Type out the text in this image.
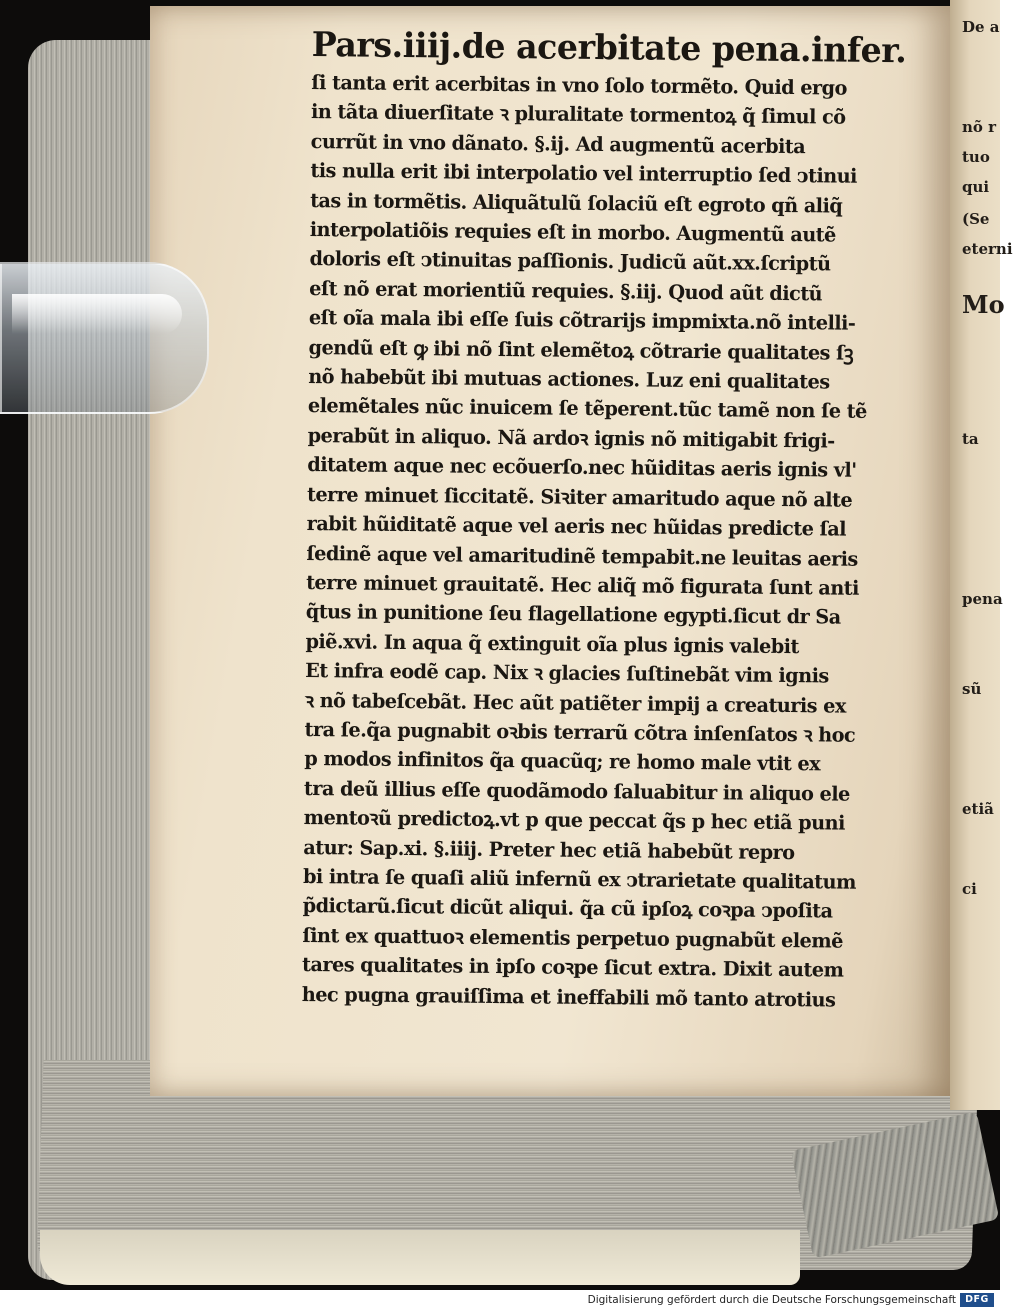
De a
nõ r
tuo
qui
(Se
eterni
Mo
ta
pena
sũ
etiã
ci
Pars.iiij.de acerbitate pena.infer.
ſi tanta erit acerbitas in vno ſolo tormẽto. Quid ergo
in tãta diuerſitate ꝛ pluralitate tormentoꝝ q̃ ſimul cõ
currũt in vno dãnato. §.ij. Ad augmentũ acerbita
tis nulla erit ibi interpolatio vel interruptio ſed ↄtinui
tas in tormẽtis. Aliquãtulũ ſolaciũ eſt egroto qñ aliq̃
interpolatiõis requies eſt in morbo. Augmentũ autẽ
doloris eſt ↄtinuitas paſſionis. Judicũ aũt.xx.ſcriptũ
eſt nõ erat morientiũ requies. §.iij. Quod aũt dictũ
eſt oĩa mala ibi eſſe ſuis cõtrarijs impmixta.nõ intelli-
gendũ eſt ꝙ ibi nõ ſint elemẽtoꝝ cõtrarie qualitates ſꝫ
nõ habebũt ibi mutuas actiones. Luz eni qualitates
elemẽtales nũc inuicem ſe tẽperent.tũc tamẽ non ſe tẽ
perabũt in aliquo. Nã ardoꝛ ignis nõ mitigabit frigi-
ditatem aque nec ecõuerſo.nec hũiditas aeris ignis vl'
terre minuet ſiccitatẽ. Siꝛiter amaritudo aque nõ alte
rabit hũiditatẽ aque vel aeris nec hũidas predicte ſal
ſedinẽ aque vel amaritudinẽ tempabit.ne leuitas aeris
terre minuet grauitatẽ. Hec aliq̃ mõ figurata ſunt anti
q̃tus in punitione ſeu flagellatione egypti.ſicut dr Sa
piẽ.xvi. In aqua q̃ extinguit oĩa plus ignis valebit
Et infra eodẽ cap. Nix ꝛ glacies ſuſtinebãt vim ignis
ꝛ nõ tabeſcebãt. Hec aũt patiẽter impij a creaturis ex
tra ſe.q̃a pugnabit oꝛbis terrarũ cõtra inſenſatos ꝛ hoc
p modos infinitos q̃a quacũq; re homo male vtit ex
tra deũ illius eſſe quodãmodo ſaluabitur in aliquo ele
mentoꝛũ predictoꝝ.vt p que peccat q̃s p hec etiã puni
atur: Sap.xi. §.iiij. Preter hec etiã habebũt repro
bi intra ſe quaſi aliũ infernũ ex ↄtrarietate qualitatum
p̃dictarũ.ſicut dicũt aliqui. q̃a cũ ipſoꝝ coꝛpa ↄpoſita
ſint ex quattuoꝛ elementis perpetuo pugnabũt elemẽ
tares qualitates in ipſo coꝛpe ſicut extra. Dixit autem
hec pugna grauiſſima et ineffabili mõ tanto atrotius
Digitalisierung gefördert durch die Deutsche Forschungsgemeinschaft DFG
